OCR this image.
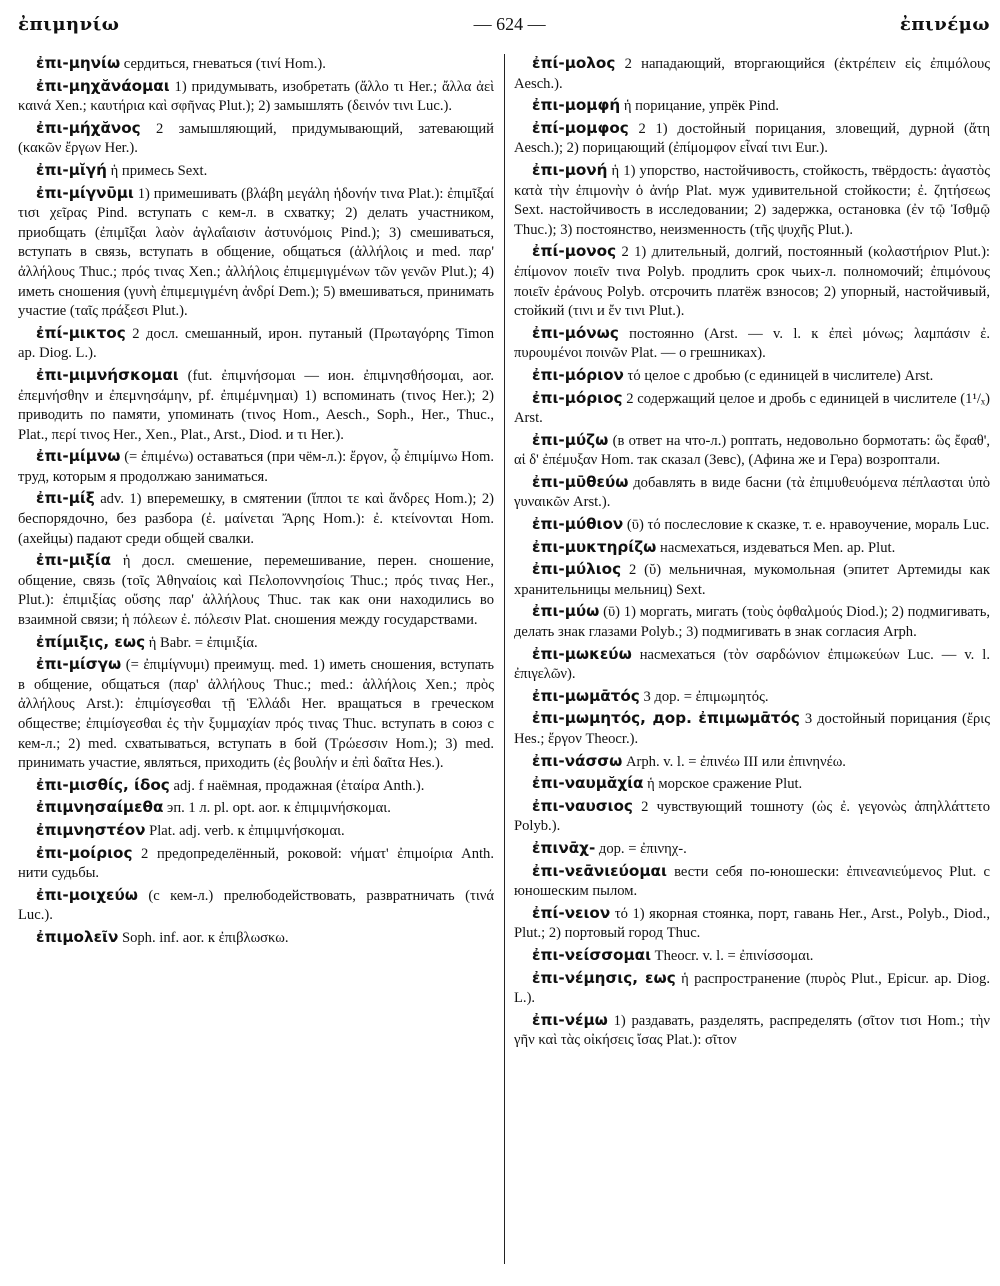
ἐπιμηνίω	— 624 —	ἐπινέμω

ἐπι-μηνίω сердиться, гневаться (τινί Hom.).

ἐπι-μηχᾰνάομαι 1) придумывать, изобретать (ἄλλο τι Her.; ἄλλα ἀεὶ καινά Xen.; καυτήρια καὶ σφῆνας Plut.); 2) замышлять (δεινόν τινι Luc.).

ἐπι-μήχᾰνος 2 замышляющий, придумывающий, затевающий (κακῶν ἔργων Her.).

ἐπι-μῐγή ἡ примесь Sext.

ἐπι-μίγνῡμι 1) примешивать (βλάβη μεγάλη ἡδονήν τινα Plat.): ἐπιμῖξαί τισι χεῖρας Pind. вступать с кем-л. в схватку; 2) делать участником, приобщать (ἐπιμῖξαι λαὸν ἀγλαΐαισιν ἀστυνόμοις Pind.); 3) смешиваться, вступать в связь, вступать в общение, общаться (ἀλλήλοις и med. παρ' ἀλλήλους Thuc.; πρός τινας Xen.; ἀλλήλοις ἐπιμεμιγμένων τῶν γενῶν Plut.); 4) иметь сношения (γυνὴ ἐπιμεμιγμένη ἀνδρί Dem.); 5) вмешиваться, принимать участие (ταῖς πράξεσι Plut.).

ἐπί-μικτος 2 досл. смешанный, ирон. путаный (Πρωταγόρης Timon ap. Diog. L.).

ἐπι-μιμνήσκομαι (fut. ἐπιμνήσομαι — ион. ἐπιμνησθήσομαι, aor. ἐπεμνήσθην и ἐπεμνησάμην, pf. ἐπιμέμνημαι) 1) вспоминать (τινος Her.); 2) приводить по памяти, упоминать (τινος Hom., Aesch., Soph., Her., Thuc., Plat., περί τινος Her., Xen., Plat., Arst., Diod. и τι Her.).

ἐπι-μίμνω (= ἐπιμένω) оставаться (при чём-л.): ἔργον, ᾧ ἐπιμίμνω Hom. труд, которым я продолжаю заниматься.

ἐπι-μίξ adv. 1) вперемешку, в смятении (ἵπποι τε καὶ ἄνδρες Hom.); 2) беспорядочно, без разбора (ἐ. μαίνεται Ἄρης Hom.): ἐ. κτείνονται Hom. (ахейцы) падают среди общей свалки.

ἐπι-μιξία ἡ досл. смешение, перемешивание, перен. сношение, общение, связь (τοῖς Ἀθηναίοις καὶ Πελοποννησίοις Thuc.; πρός τινας Her., Plut.): ἐπιμιξίας οὔσης παρ' ἀλλήλους Thuc. так как они находились во взаимной связи; ἡ πόλεων ἐ. πόλεσιν Plat. сношения между государствами.

ἐπίμιξις, εως ἡ Babr. = ἐπιμιξία.

ἐπι-μίσγω (= ἐπιμίγνυμι) преимущ. med. 1) иметь сношения, вступать в общение, общаться (παρ' ἀλλήλους Thuc.; med.: ἀλλήλοις Xen.; πρὸς ἀλλήλους Arst.): ἐπιμίσγεσθαι τῇ Ἑλλάδι Her. вращаться в греческом обществе; ἐπιμίσγεσθαι ἐς τὴν ξυμμαχίαν πρός τινας Thuc. вступать в союз с кем-л.; 2) med. схватываться, вступать в бой (Τρώεσσιν Hom.); 3) med. принимать участие, являться, приходить (ἐς βουλήν и ἐπὶ δαῖτα Hes.).

ἐπι-μισθίς, ίδος adj. f наёмная, продажная (ἑταίρα Anth.).

ἐπιμνησαίμεθα эп. 1 л. pl. opt. aor. к ἐπιμιμνήσκομαι.

ἐπιμνηστέον Plat. adj. verb. к ἐπιμιμνήσκομαι.

ἐπι-μοίριος 2 предопределённый, роковой: νήματ' ἐπιμοίρια Anth. нити судьбы.

ἐπι-μοιχεύω (с кем-л.) прелюбодействовать, развратничать (τινά Luc.).

ἐπιμολεῖν Soph. inf. aor. к ἐπιβλωσκω.

ἐπί-μολος 2 нападающий, вторгающийся (ἐκτρέπειν εἰς ἐπιμόλους Aesch.).

ἐπι-μομφή ἡ порицание, упрёк Pind.

ἐπί-μομφος 2 1) достойный порицания, зловещий, дурной (ἄτη Aesch.); 2) порицающий (ἐπίμομφον εἶναί τινι Eur.).

ἐπι-μονή ἡ 1) упорство, настойчивость, стойкость, твёрдость: ἀγαστὸς κατὰ τὴν ἐπιμονὴν ὁ ἀνήρ Plat. муж удивительной стойкости; ἐ. ζητήσεως Sext. настойчивость в исследовании; 2) задержка, остановка (ἐν τῷ Ἰσθμῷ Thuc.); 3) постоянство, неизменность (τῆς ψυχῆς Plut.).

ἐπί-μονος 2 1) длительный, долгий, постоянный (κολαστήριον Plut.): ἐπίμονον ποιεῖν τινα Polyb. продлить срок чьих-л. полномочий; ἐπιμόνους ποιεῖν ἐράνους Polyb. отсрочить платёж взносов; 2) упорный, настойчивый, стойкий (τινι и ἔν τινι Plut.).

ἐπι-μόνως постоянно (Arst. — v. l. к ἐπεὶ μόνως; λαμπάσιν ἐ. πυρουμένοι ποινῶν Plat. — о грешниках).

ἐπι-μόριον τό целое с дробью (с единицей в числителе) Arst.

ἐπι-μόριος 2 содержащий целое и дробь с единицей в числителе (1¹/ₓ) Arst.

ἐπι-μύζω (в ответ на что-л.) роптать, недовольно бормотать: ὣς ἔφαθ', αἱ δ' ἐπέμυξαν Hom. так сказал (Зевс), (Афина же и Гера) возроптали.

ἐπι-μῡθεύω добавлять в виде басни (τὰ ἐπιμυθευόμενα πέπλασται ὑπὸ γυναικῶν Arst.).

ἐπι-μύθιον (ῡ) τό послесловие к сказке, т. е. нравоучение, мораль Luc.

ἐπι-μυκτηρίζω насмехаться, издеваться Men. ap. Plut.

ἐπι-μύλιος 2 (ῠ) мельничная, мукомольная (эпитет Артемиды как хранительницы мельниц) Sext.

ἐπι-μύω (ῡ) 1) моргать, мигать (τοὺς ὀφθαλμούς Diod.); 2) подмигивать, делать знак глазами Polyb.; 3) подмигивать в знак согласия Arph.

ἐπι-μωκεύω насмехаться (τὸν σαρδώνιον ἐπιμωκεύων Luc. — v. l. ἐπιγελῶν).

ἐπι-μωμᾱτός 3 дор. = ἐπιμωμητός.

ἐπι-μωμητός, дор. ἐπιμωμᾱτός 3 достойный порицания (ἔρις Hes.; ἔργον Theocr.).

ἐπι-νάσσω Arph. v. l. = ἐπινέω III или ἐπινηνέω.

ἐπι-ναυμᾰχία ἡ морское сражение Plut.

ἐπι-ναυσιος 2 чувствующий тошноту (ὡς ἐ. γεγονὼς ἀπηλλάττετο Polyb.).

ἐπινᾱχ- дор. = ἐπινηχ-.

ἐπι-νεᾱνιεύομαι вести себя по-юношески: ἐπινεανιεύμενος Plut. с юношеским пылом.

ἐπί-νειον τό 1) якорная стоянка, порт, гавань Her., Arst., Polyb., Diod., Plut.; 2) портовый город Thuc.

ἐπι-νείσσομαι Theocr. v. l. = ἐπινίσσομαι.

ἐπι-νέμησις, εως ἡ распространение (πυρὸς Plut., Epicur. ap. Diog. L.).

ἐπι-νέμω 1) раздавать, разделять, распределять (σῖτον τισι Hom.; τὴν γῆν καὶ τὰς οἰκήσεις ἴσας Plat.): σῖτον
